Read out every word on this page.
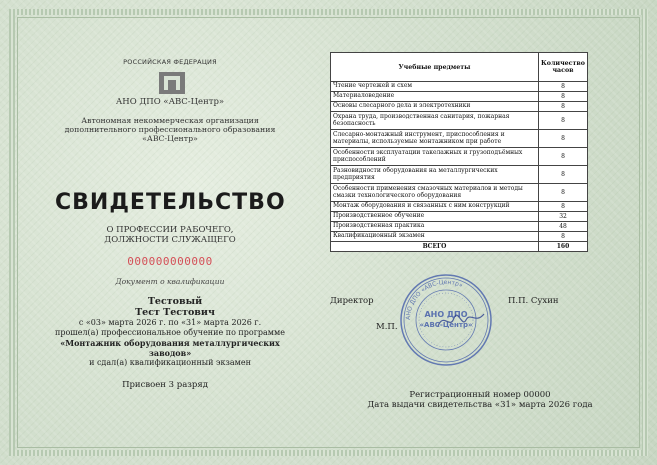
РОССИЙСКАЯ ФЕДЕРАЦИЯ
АНО ДПО «АВС-Центр»
Автономная некоммерческая организация
дополнительного профессионального образования
«АВС-Центр»
СВИДЕТЕЛЬСТВО
О ПРОФЕССИИ РАБОЧЕГО,
ДОЛЖНОСТИ СЛУЖАЩЕГО
000000000000
Документ о квалификации
Тестовый
Тест Тестович
с «03» марта 2026 г. по «31» марта 2026 г.
прошел(а) профессиональное обучение по программе
«Монтажник оборудования металлургических заводов»
и сдал(а) квалификационный экзамен
Присвоен 3 разряд
Учебные предметы	Количество часов
Чтение чертежей и схем	8
Материаловедение	8
Основы слесарного дела и электротехники	8
Охрана труда, производственная санитария, пожарная безопасность	8
Слесарно-монтажный инструмент, приспособления и материалы, используемые монтажником при работе	8
Особенности эксплуатации такелажных и грузоподъёмных приспособлений	8
Разновидности оборудования на металлургических предприятия	8
Особенности применения смазочных материалов и методы смазки технологического оборудования	8
Монтаж оборудования и связанных с ним конструкций	8
Производственное обучение	32
Производственная практика	48
Квалификационный экзамен	8
ВСЕГО	160
АНО ДПО «АВС-Центр»
АНО ДПО
«АВС-Центр»
Директор	П.П. Сухин
М.П.
Регистрационный номер 00000
Дата выдачи свидетельства «31» марта 2026 года
